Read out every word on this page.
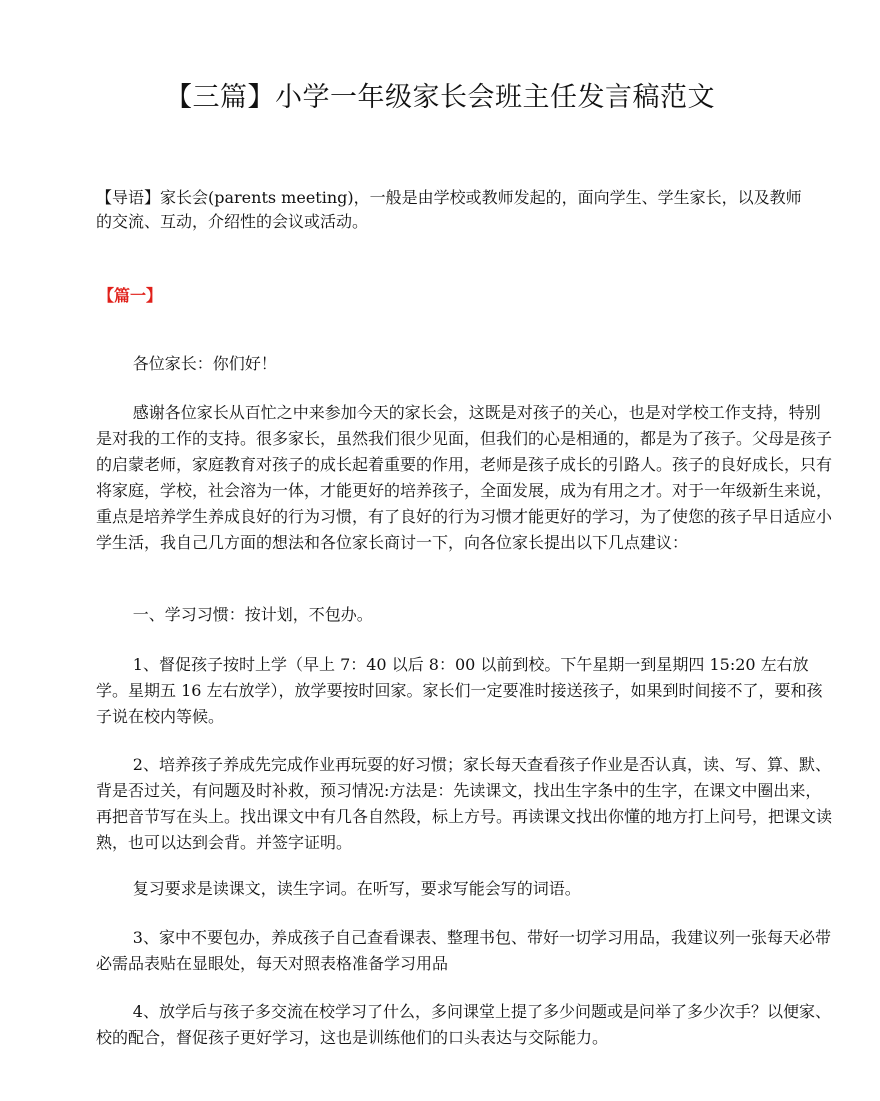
【三篇】小学一年级家长会班主任发言稿范文
【导语】家长会(parents meeting)，一般是由学校或教师发起的，面向学生、学生家长，以及教师的交流、互动，介绍性的会议或活动。
【篇一】
各位家长：你们好！
感谢各位家长从百忙之中来参加今天的家长会，这既是对孩子的关心，也是对学校工作支持，特别是对我的工作的支持。很多家长，虽然我们很少见面，但我们的心是相通的，都是为了孩子。父母是孩子的启蒙老师，家庭教育对孩子的成长起着重要的作用，老师是孩子成长的引路人。孩子的良好成长，只有将家庭，学校，社会溶为一体，才能更好的培养孩子，全面发展，成为有用之才。对于一年级新生来说，重点是培养学生养成良好的行为习惯，有了良好的行为习惯才能更好的学习，为了使您的孩子早日适应小学生活，我自己几方面的想法和各位家长商讨一下，向各位家长提出以下几点建议：
一、学习习惯：按计划，不包办。
1、督促孩子按时上学（早上 7：40 以后 8：00 以前到校。下午星期一到星期四 15:20 左右放学。星期五 16 左右放学），放学要按时回家。家长们一定要准时接送孩子，如果到时间接不了，要和孩子说在校内等候。
2、培养孩子养成先完成作业再玩耍的好习惯；家长每天查看孩子作业是否认真，读、写、算、默、背是否过关，有问题及时补救，预习情况:方法是：先读课文，找出生字条中的生字，在课文中圈出来，再把音节写在头上。找出课文中有几各自然段，标上方号。再读课文找出你懂的地方打上问号，把课文读熟，也可以达到会背。并签字证明。
复习要求是读课文，读生字词。在听写，要求写能会写的词语。
3、家中不要包办，养成孩子自己查看课表、整理书包、带好一切学习用品，我建议列一张每天必带必需品表贴在显眼处，每天对照表格准备学习用品
4、放学后与孩子多交流在校学习了什么，多问课堂上提了多少问题或是问举了多少次手？以便家、校的配合，督促孩子更好学习，这也是训练他们的口头表达与交际能力。
